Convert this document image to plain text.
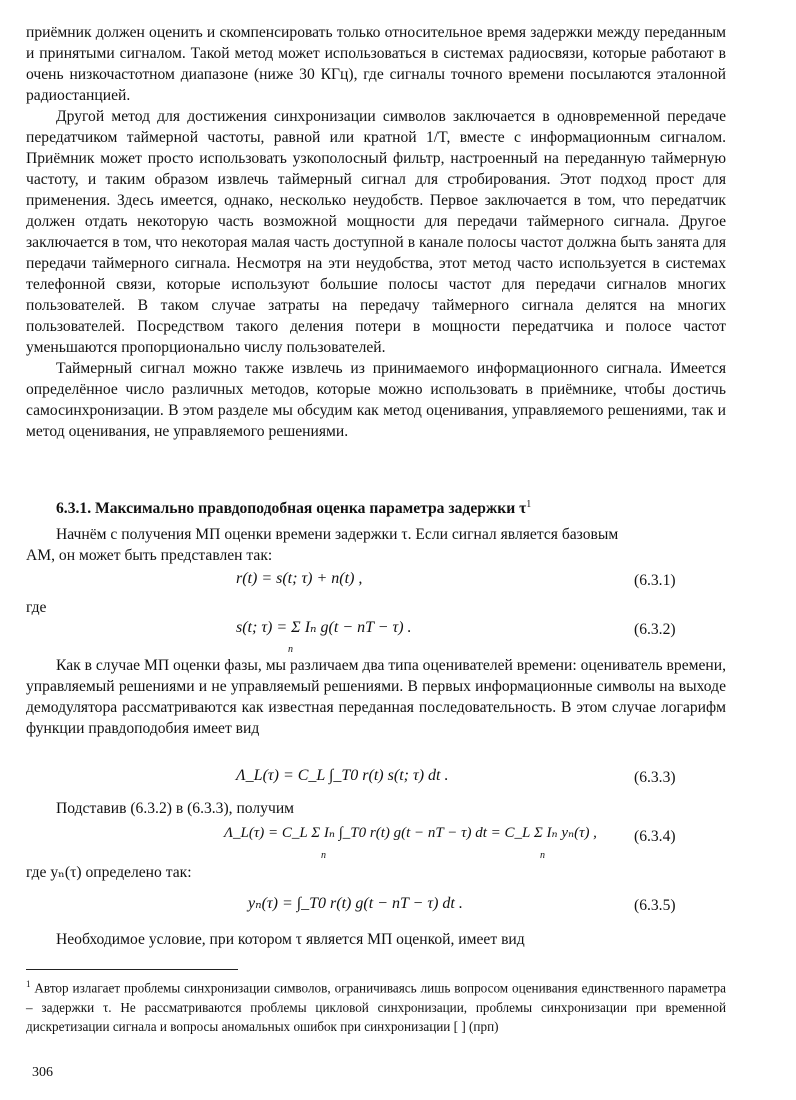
приёмник должен оценить и скомпенсировать только относительное время задержки между переданным и принятыми сигналом. Такой метод может использоваться в системах радиосвязи, которые работают в очень низкочастотном диапазоне (ниже 30 КГц), где сигналы точного времени посылаются эталонной радиостанцией.

Другой метод для достижения синхронизации символов заключается в одновременной передаче передатчиком таймерной частоты, равной или кратной 1/T, вместе с информационным сигналом. Приёмник может просто использовать узкополосный фильтр, настроенный на переданную таймерную частоту, и таким образом извлечь таймерный сигнал для стробирования. Этот подход прост для применения. Здесь имеется, однако, несколько неудобств. Первое заключается в том, что передатчик должен отдать некоторую часть возможной мощности для передачи таймерного сигнала. Другое заключается в том, что некоторая малая часть доступной в канале полосы частот должна быть занята для передачи таймерного сигнала. Несмотря на эти неудобства, этот метод часто используется в системах телефонной связи, которые используют большие полосы частот для передачи сигналов многих пользователей. В таком случае затраты на передачу таймерного сигнала делятся на многих пользователей. Посредством такого деления потери в мощности передатчика и полосе частот уменьшаются пропорционально числу пользователей.

Таймерный сигнал можно также извлечь из принимаемого информационного сигнала. Имеется определённое число различных методов, которые можно использовать в приёмнике, чтобы достичь самосинхронизации. В этом разделе мы обсудим как метод оценивания, управляемого решениями, так и метод оценивания, не управляемого решениями.

6.3.1. Максимально правдоподобная оценка параметра задержки $\tau^1$
Начнём с получения МП оценки времени задержки τ. Если сигнал является базовым
АМ, он может быть представлен так:
r(t) = s(t; τ) + n(t) ,	(6.3.1)
где
s(t; τ) = Σ Iₙ g(t − nT − τ) .
n
(6.3.2)

Как в случае МП оценки фазы, мы различаем два типа оценивателей времени: оцениватель времени, управляемый решениями и не управляемый решениями. В первых информационные символы на выходе демодулятора рассматриваются как известная переданная последовательность. В этом случае логарифм функции правдоподобия имеет вид

Λ_L(τ) = C_L ∫_T0 r(t) s(t; τ) dt .	(6.3.3)
Подставив (6.3.2) в (6.3.3), получим
Λ_L(τ) = C_L Σ Iₙ ∫_T0 r(t) g(t − nT − τ) dt = C_L Σ Iₙ yₙ(τ) ,
n	n
(6.3.4)
где yₙ(τ) определено так:
yₙ(τ) = ∫_T0 r(t) g(t − nT − τ) dt .	(6.3.5)
Необходимое условие, при котором τ является МП оценкой, имеет вид
$^1$ Автор излагает проблемы синхронизации символов, ограничиваясь лишь вопросом оценивания единственного параметра – задержки τ. Не рассматриваются проблемы цикловой синхронизации, проблемы синхронизации при временной дискретизации сигнала и вопросы аномальных ошибок при синхронизации [ ] (прп)
306
